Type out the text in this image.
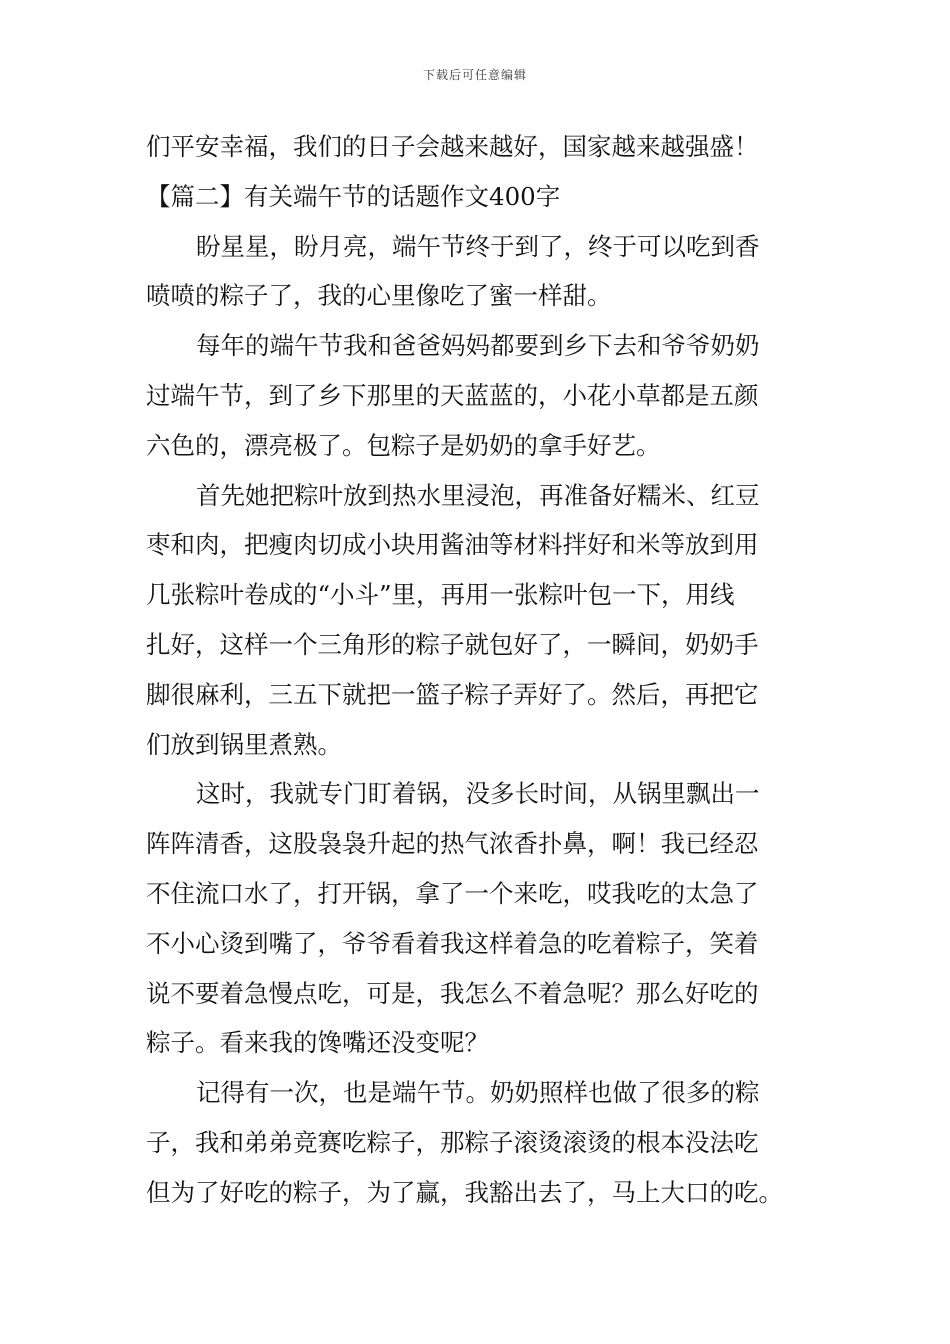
下载后可任意编辑
们平安幸福，我们的日子会越来越好，国家越来越强盛！
【篇二】有关端午节的话题作文400字
盼星星，盼月亮，端午节终于到了，终于可以吃到香
喷喷的粽子了，我的心里像吃了蜜一样甜。
每年的端午节我和爸爸妈妈都要到乡下去和爷爷奶奶
过端午节，到了乡下那里的天蓝蓝的，小花小草都是五颜
六色的，漂亮极了。包粽子是奶奶的拿手好艺。
首先她把粽叶放到热水里浸泡，再准备好糯米、红豆
枣和肉，把瘦肉切成小块用酱油等材料拌好和米等放到用
几张粽叶卷成的“小斗”里，再用一张粽叶包一下，用线
扎好，这样一个三角形的粽子就包好了，一瞬间，奶奶手
脚很麻利，三五下就把一篮子粽子弄好了。然后，再把它
们放到锅里煮熟。
这时，我就专门盯着锅，没多长时间，从锅里飘出一
阵阵清香，这股袅袅升起的热气浓香扑鼻，啊！我已经忍
不住流口水了，打开锅，拿了一个来吃，哎我吃的太急了
不小心烫到嘴了，爷爷看着我这样着急的吃着粽子，笑着
说不要着急慢点吃，可是，我怎么不着急呢？那么好吃的
粽子。看来我的馋嘴还没变呢？
记得有一次，也是端午节。奶奶照样也做了很多的粽
子，我和弟弟竞赛吃粽子，那粽子滚烫滚烫的根本没法吃
但为了好吃的粽子，为了赢，我豁出去了，马上大口的吃。
